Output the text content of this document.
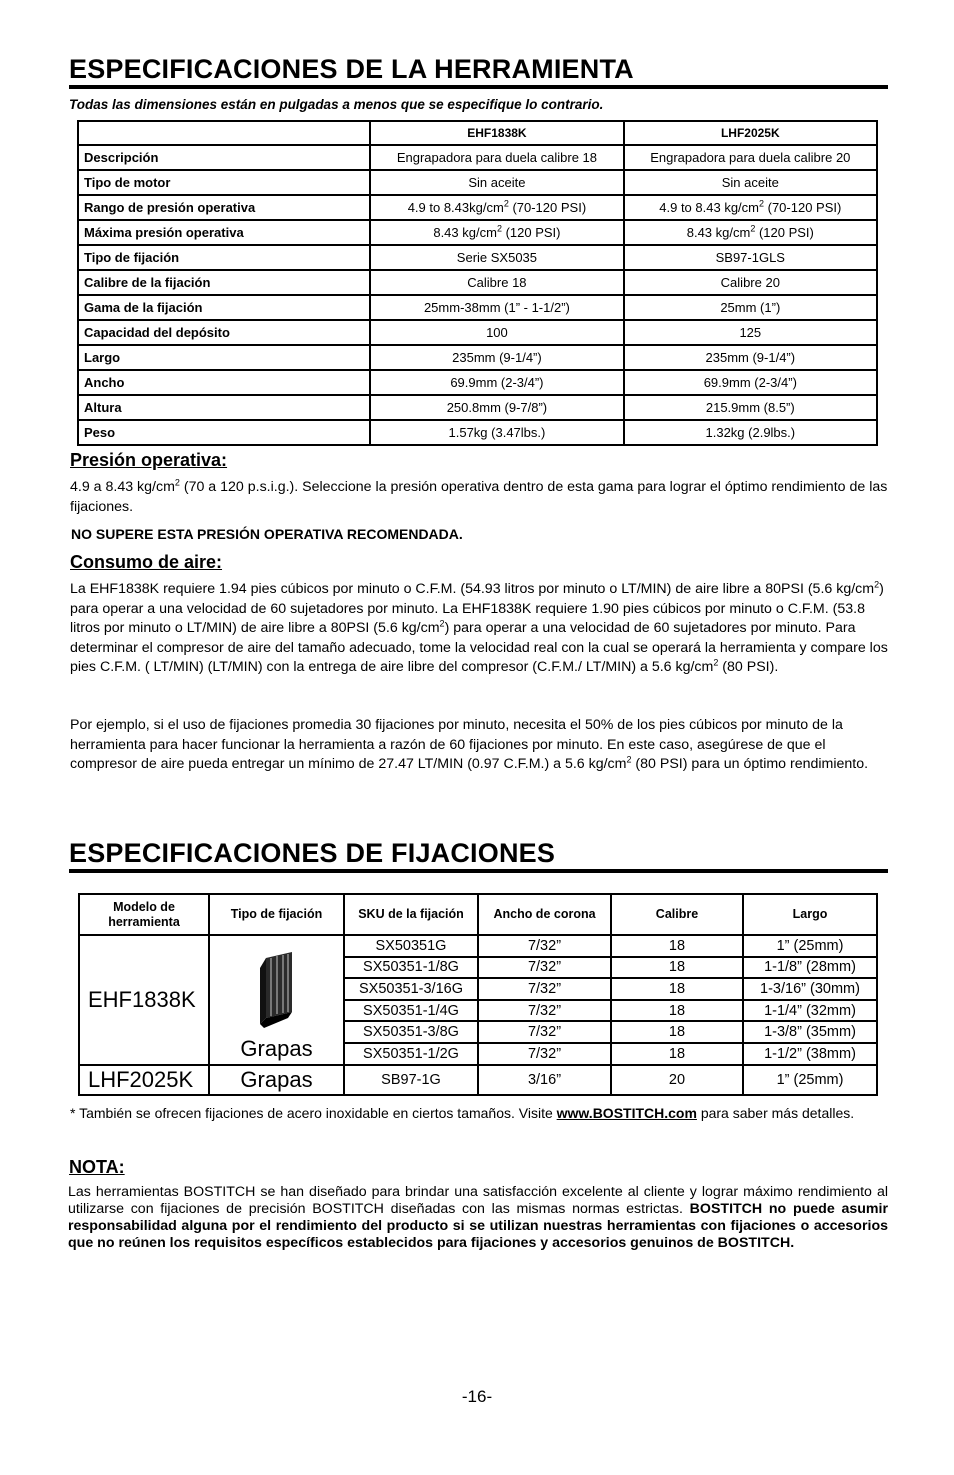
ESPECIFICACIONES DE LA HERRAMIENTA
Todas las dimensiones están en pulgadas a menos que se especifique lo contrario.
	EHF1838K	LHF2025K
Descripción	Engrapadora para duela calibre 18	Engrapadora para duela calibre 20
Tipo de motor	Sin aceite	Sin aceite
Rango de presión operativa	4.9 to $8.43kg/cm^2$ (70-120 PSI)	4.9 to 8.43 $kg/cm^2$ (70-120 PSI)
Máxima presión operativa	8.43 $kg/cm^2$ (120 PSI)	8.43 $kg/cm^2$ (120 PSI)
Tipo de fijación	Serie SX5035	SB97-1GLS
Calibre de la fijación	Calibre 18	Calibre 20
Gama de la fijación	25mm-38mm (1” - 1-1/2”)	25mm (1”)
Capacidad del depósito	100	125
Largo	235mm (9-1/4”)	235mm (9-1/4”)
Ancho	69.9mm (2-3/4”)	69.9mm (2-3/4”)
Altura	250.8mm (9-7/8”)	215.9mm (8.5”)
Peso	1.57kg (3.47lbs.)	1.32kg (2.9lbs.)
Presión operativa:
4.9 a 8.43 $kg/cm^2$ (70 a 120 p.s.i.g.). Seleccione la presión operativa dentro de esta gama para lograr el óptimo rendimiento de las fijaciones.
NO SUPERE ESTA PRESIÓN OPERATIVA RECOMENDADA.
Consumo de aire:
La EHF1838K requiere 1.94 pies cúbicos por minuto o C.F.M. (54.93 litros por minuto o LT/MIN) de aire libre a 80PSI (5.6 $kg/cm^2$) para operar a una velocidad de 60 sujetadores por minuto. La EHF1838K requiere 1.90 pies cúbicos por minuto o C.F.M. (53.8 litros por minuto o LT/MIN) de aire libre a 80PSI (5.6 $kg/cm^2$) para operar a una velocidad de 60 sujetadores por minuto. Para determinar el compresor de aire del tamaño adecuado, tome la velocidad real con la cual se operará la herramienta y compare los pies C.F.M. ( LT/MIN) (LT/MIN) con la entrega de aire libre del compresor (C.F.M./ LT/MIN) a 5.6 $kg/cm^2$ (80 PSI).
Por ejemplo, si el uso de fijaciones promedia 30 fijaciones por minuto, necesita el 50% de los pies cúbicos por minuto de la herramienta para hacer funcionar la herramienta a razón de 60 fijaciones por minuto. En este caso, asegúrese de que el compresor de aire pueda entregar un mínimo de 27.47 LT/MIN (0.97 C.F.M.) a 5.6 $kg/cm^2$ (80 PSI) para un óptimo rendimiento.
ESPECIFICACIONES DE FIJACIONES
Modelo de herramienta	Tipo de fijación	SKU de la fijación	Ancho de corona	Calibre	Largo
EHF1838K	Grapas	SX50351G	7/32”	18	1” (25mm)
		SX50351-1/8G	7/32”	18	1-1/8” (28mm)
		SX50351-3/16G	7/32”	18	1-3/16” (30mm)
		SX50351-1/4G	7/32”	18	1-1/4” (32mm)
		SX50351-3/8G	7/32”	18	1-3/8” (35mm)
		SX50351-1/2G	7/32”	18	1-1/2” (38mm)
LHF2025K	Grapas	SB97-1G	3/16”	20	1” (25mm)
* También se ofrecen fijaciones de acero inoxidable en ciertos tamaños. Visite www.BOSTITCH.com para saber más detalles.
NOTA:
Las herramientas BOSTITCH se han diseñado para brindar una satisfacción excelente al cliente y lograr máximo rendimiento al utilizarse con fijaciones de precisión BOSTITCH diseñadas con las mismas normas estrictas. BOSTITCH no puede asumir responsabilidad alguna por el rendimiento del producto si se utilizan nuestras herramientas con fijaciones o accesorios que no reúnen los requisitos específicos establecidos para fijaciones y accesorios genuinos de BOSTITCH.
-16-
